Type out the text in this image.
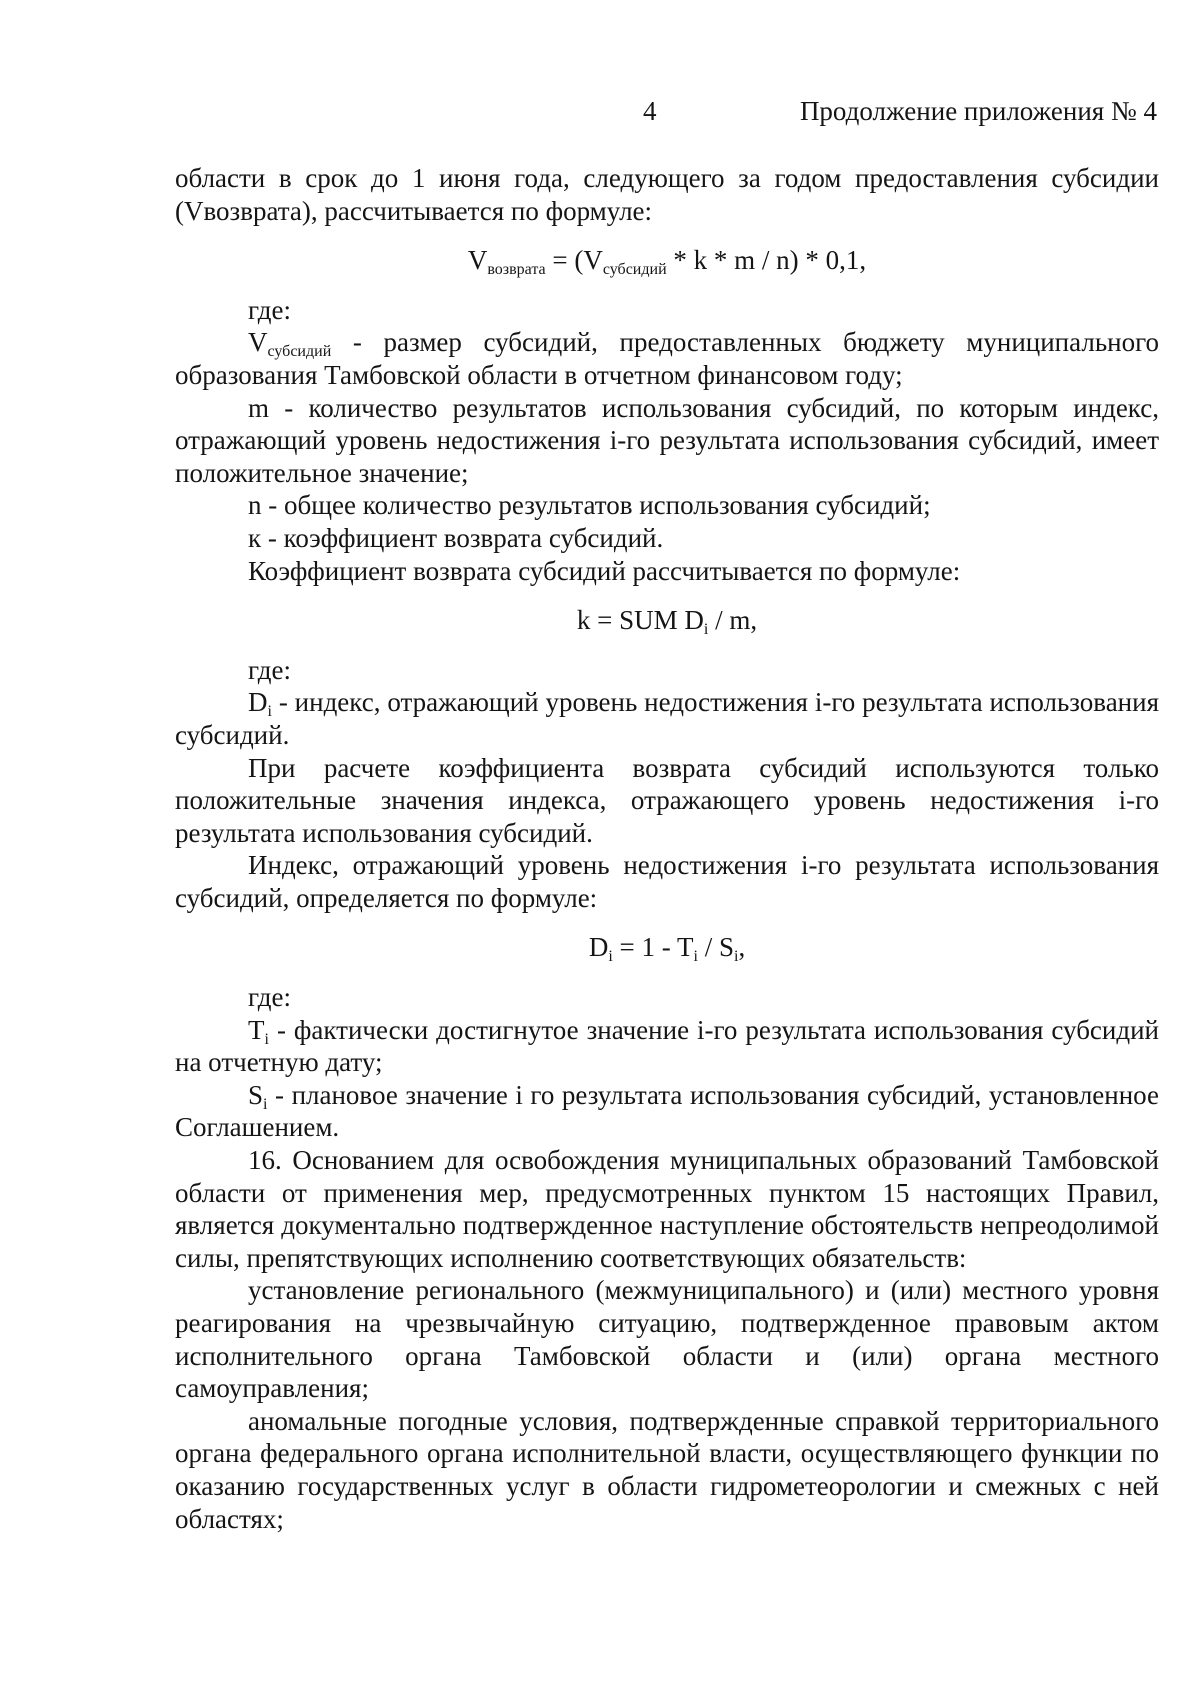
4	Продолжение приложения № 4

области в срок до 1 июня года, следующего за годом предоставления субсидии (Vвозврата), рассчитывается по формуле:

$V_{возврата} = (V_{субсидий} * k * m / n) * 0,1$,

где:

$V_{субсидий}$ - размер субсидий, предоставленных бюджету муниципального образования Тамбовской области в отчетном финансовом году;

m - количество результатов использования субсидий, по которым индекс, отражающий уровень недостижения i-го результата использования субсидий, имеет положительное значение;

n - общее количество результатов использования субсидий;

к - коэффициент возврата субсидий.

Коэффициент возврата субсидий рассчитывается по формуле:

k = SUM $D_i$ / m,

где:

$D_i$ - индекс, отражающий уровень недостижения i-го результата использования субсидий.

При расчете коэффициента возврата субсидий используются только положительные значения индекса, отражающего уровень недостижения i-го результата использования субсидий.

Индекс, отражающий уровень недостижения i-го результата использования субсидий, определяется по формуле:

$D_i = 1 - T_i / S_i$,

где:

$T_i$ - фактически достигнутое значение i-го результата использования субсидий на отчетную дату;

$S_i$ - плановое значение i го результата использования субсидий, установленное Соглашением.

16. Основанием для освобождения муниципальных образований Тамбовской области от применения мер, предусмотренных пунктом 15 настоящих Правил, является документально подтвержденное наступление обстоятельств непреодолимой силы, препятствующих исполнению соответствующих обязательств:

установление регионального (межмуниципального) и (или) местного уровня реагирования на чрезвычайную ситуацию, подтвержденное правовым актом исполнительного органа Тамбовской области и (или) органа местного самоуправления;

аномальные погодные условия, подтвержденные справкой территориального органа федерального органа исполнительной власти, осуществляющего функции по оказанию государственных услуг в области гидрометеорологии и смежных с ней областях;
